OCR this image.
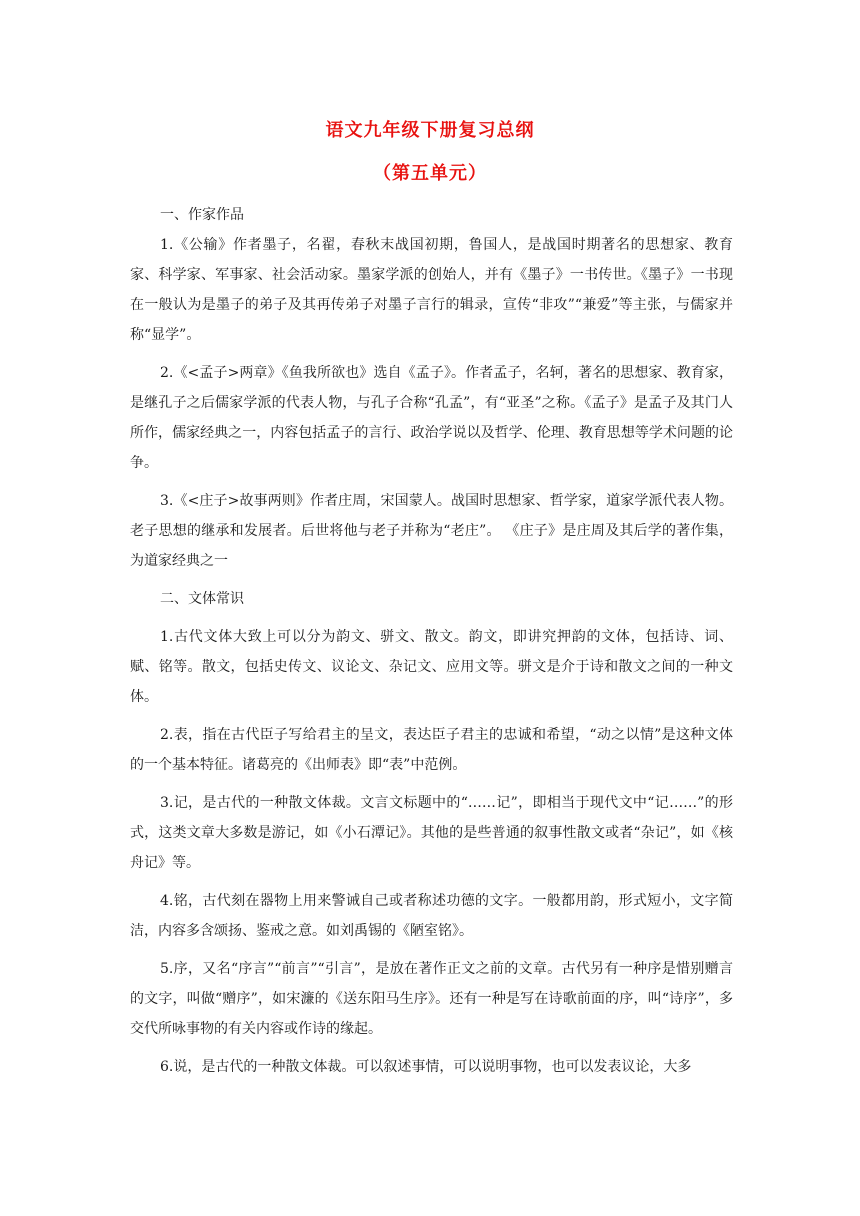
语文九年级下册复习总纲
（第五单元）
一、作家作品

1.《公输》作者墨子，名翟，春秋末战国初期，鲁国人，是战国时期著名的思想家、教育家、科学家、军事家、社会活动家。墨家学派的创始人，并有《墨子》一书传世。《墨子》一书现在一般认为是墨子的弟子及其再传弟子对墨子言行的辑录，宣传“非攻”“兼爱”等主张，与儒家并称“显学”。

2.《<孟子>两章》《鱼我所欲也》选自《孟子》。作者孟子，名轲，著名的思想家、教育家，是继孔子之后儒家学派的代表人物，与孔子合称“孔孟”，有“亚圣”之称。《孟子》是孟子及其门人所作，儒家经典之一，内容包括孟子的言行、政治学说以及哲学、伦理、教育思想等学术问题的论争。

3.《<庄子>故事两则》作者庄周，宋国蒙人。战国时思想家、哲学家，道家学派代表人物。老子思想的继承和发展者。后世将他与老子并称为“老庄”。 《庄子》是庄周及其后学的著作集，为道家经典之一

二、文体常识

1.古代文体大致上可以分为韵文、骈文、散文。韵文，即讲究押韵的文体，包括诗、词、赋、铭等。散文，包括史传文、议论文、杂记文、应用文等。骈文是介于诗和散文之间的一种文体。

2.表，指在古代臣子写给君主的呈文，表达臣子君主的忠诚和希望，“动之以情”是这种文体的一个基本特征。诸葛亮的《出师表》即“表”中范例。

3.记，是古代的一种散文体裁。文言文标题中的“……记”，即相当于现代文中“记……”的形式，这类文章大多数是游记，如《小石潭记》。其他的是些普通的叙事性散文或者“杂记”，如《核舟记》等。

4.铭，古代刻在器物上用来警诫自己或者称述功德的文字。一般都用韵，形式短小，文字简洁，内容多含颂扬、鉴戒之意。如刘禹锡的《陋室铭》。

5.序，又名“序言”“前言”“引言”，是放在著作正文之前的文章。古代另有一种序是惜别赠言的文字，叫做“赠序”，如宋濂的《送东阳马生序》。还有一种是写在诗歌前面的序，叫“诗序”，多交代所咏事物的有关内容或作诗的缘起。

6.说，是古代的一种散文体裁。可以叙述事情，可以说明事物，也可以发表议论，大多
